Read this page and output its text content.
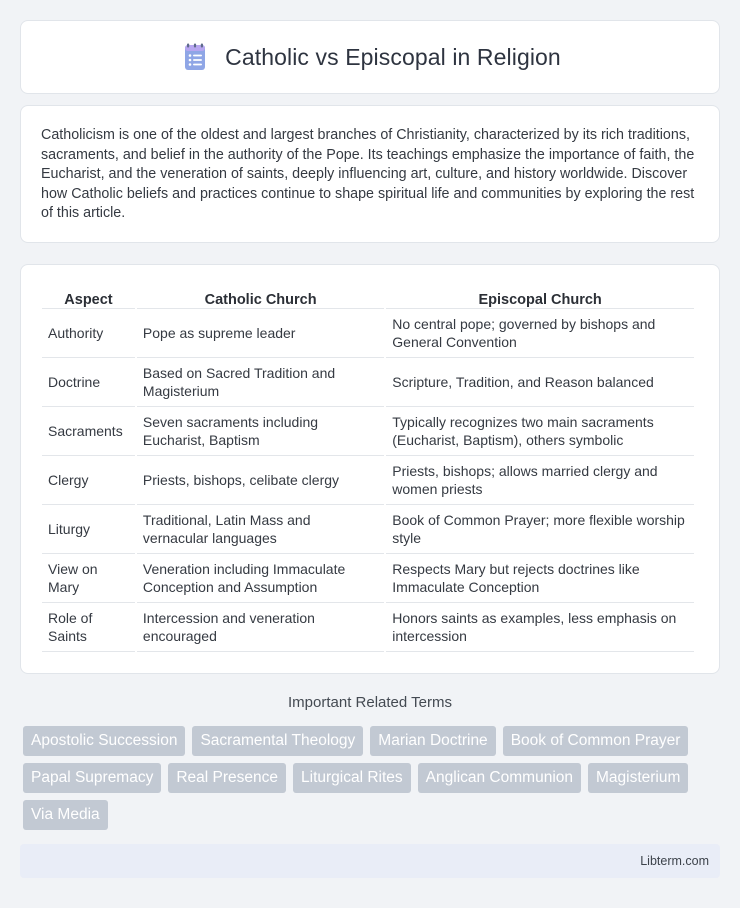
Catholic vs Episcopal in Religion

Catholicism is one of the oldest and largest branches of Christianity, characterized by its rich traditions, sacraments, and belief in the authority of the Pope. Its teachings emphasize the importance of faith, the Eucharist, and the veneration of saints, deeply influencing art, culture, and history worldwide. Discover how Catholic beliefs and practices continue to shape spiritual life and communities by exploring the rest of this article.

Aspect	Catholic Church	Episcopal Church
Authority	Pope as supreme leader	No central pope; governed by bishops and General Convention
Doctrine	Based on Sacred Tradition and Magisterium	Scripture, Tradition, and Reason balanced
Sacraments	Seven sacraments including Eucharist, Baptism	Typically recognizes two main sacraments (Eucharist, Baptism), others symbolic
Clergy	Priests, bishops, celibate clergy	Priests, bishops; allows married clergy and women priests
Liturgy	Traditional, Latin Mass and vernacular languages	Book of Common Prayer; more flexible worship style
View on Mary	Veneration including Immaculate Conception and Assumption	Respects Mary but rejects doctrines like Immaculate Conception
Role of Saints	Intercession and veneration encouraged	Honors saints as examples, less emphasis on intercession
Important Related Terms
Apostolic Succession	Sacramental Theology	Marian Doctrine	Book of Common Prayer
Papal Supremacy	Real Presence	Liturgical Rites	Anglican Communion	Magisterium
Via Media
Libterm.com
